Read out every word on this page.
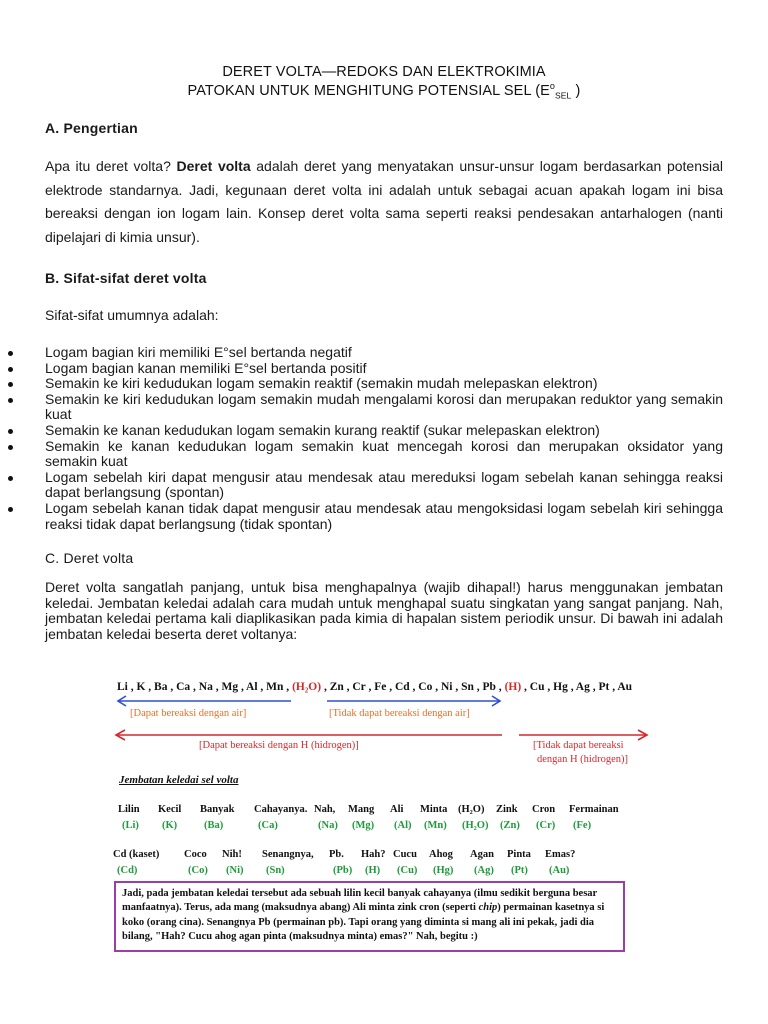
DERET VOLTA—REDOKS DAN ELEKTROKIMIA
PATOKAN UNTUK MENGHITUNG POTENSIAL SEL ($E^o_{SEL}$ )
A. Pengertian
Apa itu deret volta? Deret volta adalah deret yang menyatakan unsur-unsur logam berdasarkan potensial elektrode standarnya. Jadi, kegunaan deret volta ini adalah untuk sebagai acuan apakah logam ini bisa bereaksi dengan ion logam lain. Konsep deret volta sama seperti reaksi pendesakan antarhalogen (nanti dipelajari di kimia unsur).
B. Sifat-sifat deret volta
Sifat-sifat umumnya adalah:
Logam bagian kiri memiliki E°sel bertanda negatif
Logam bagian kanan memiliki E°sel bertanda positif
Semakin ke kiri kedudukan logam semakin reaktif (semakin mudah melepaskan elektron)
Semakin ke kiri kedudukan logam semakin mudah mengalami korosi dan merupakan reduktor yang semakin kuat
Semakin ke kanan kedudukan logam semakin kurang reaktif (sukar melepaskan elektron)
Semakin ke kanan kedudukan logam semakin kuat mencegah korosi dan merupakan oksidator yang semakin kuat
Logam sebelah kiri dapat mengusir atau mendesak atau mereduksi logam sebelah kanan sehingga reaksi dapat berlangsung (spontan)
Logam sebelah kanan tidak dapat mengusir atau mendesak atau mengoksidasi logam sebelah kiri sehingga reaksi tidak dapat berlangsung (tidak spontan)
C. Deret volta
Deret volta sangatlah panjang, untuk bisa menghapalnya (wajib dihapal!) harus menggunakan jembatan keledai. Jembatan keledai adalah cara mudah untuk menghapal suatu singkatan yang sangat panjang. Nah, jembatan keledai pertama kali diaplikasikan pada kimia di hapalan sistem periodik unsur. Di bawah ini adalah jembatan keledai beserta deret voltanya:
Li , K , Ba , Ca , Na , Mg , Al , Mn , (H₂O) , Zn , Cr , Fe , Cd , Co , Ni , Sn , Pb , (H) , Cu , Hg , Ag , Pt , Au
[Dapat bereaksi dengan air]	[Tidak dapat bereaksi dengan air]
[Dapat bereaksi dengan H (hidrogen)]	[Tidak dapat bereaksi
dengan H (hidrogen)]
Jembatan keledai sel volta
Lilin
(Li)
Kecil
(K)
Banyak
(Ba)
Cahayanya.
(Ca)
Nah,
(Na)
Mang
(Mg)
Ali
(Al)
Minta
(Mn)
(H₂O)
(H₂O)
Zink
(Zn)
Cron
(Cr)
Fermainan
(Fe)
Cd (kaset)
(Cd)
Coco
(Co)
Nih!
(Ni)
Senangnya,
(Sn)
Pb.
(Pb)
Hah?
(H)
Cucu
(Cu)
Ahog
(Hg)
Agan
(Ag)
Pinta
(Pt)
Emas?
(Au)
Jadi, pada jembatan keledai tersebut ada sebuah lilin kecil banyak cahayanya (ilmu sedikit berguna besar manfaatnya). Terus, ada mang (maksudnya abang) Ali minta zink cron (seperti chip) permainan kasetnya si koko (orang cina). Senangnya Pb (permainan pb). Tapi orang yang diminta si mang ali ini pekak, jadi dia bilang, "Hah? Cucu ahog agan pinta (maksudnya minta) emas?" Nah, begitu :)
